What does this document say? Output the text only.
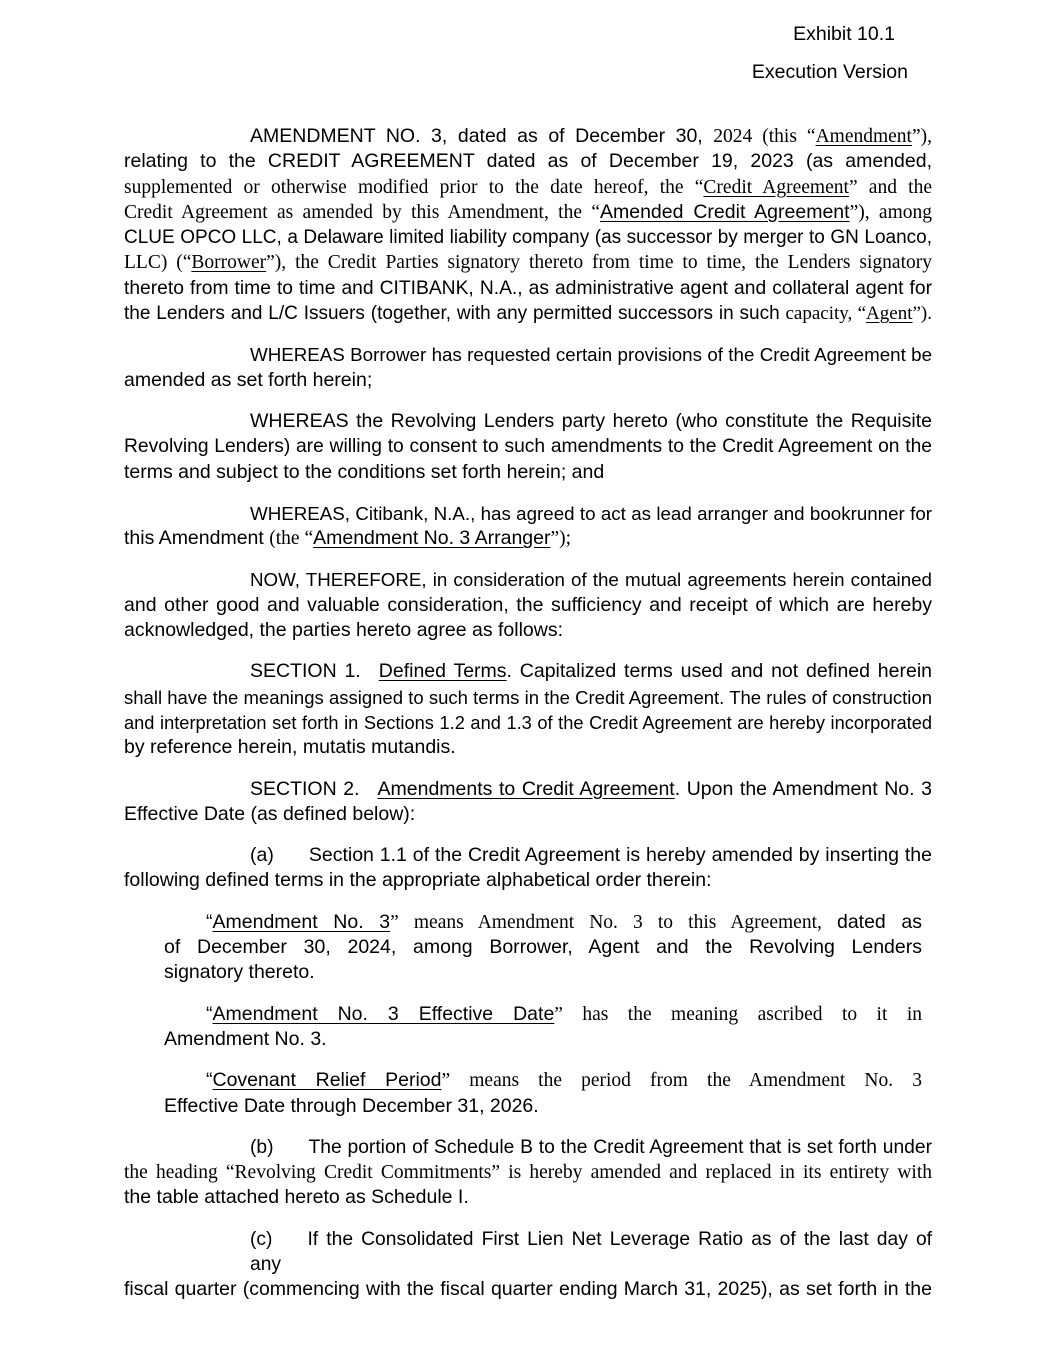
Exhibit 10.1
Execution Version
AMENDMENT NO. 3, dated as of December 30, 2024 (this “Amendment”),
relating to the CREDIT AGREEMENT dated as of December 19, 2023 (as amended,
supplemented or otherwise modified prior to the date hereof, the “Credit Agreement” and the
Credit Agreement as amended by this Amendment, the “Amended Credit Agreement”), among
CLUE OPCO LLC, a Delaware limited liability company (as successor by merger to GN Loanco,
LLC) (“Borrower”), the Credit Parties signatory thereto from time to time, the Lenders signatory
thereto from time to time and CITIBANK, N.A., as administrative agent and collateral agent for
the Lenders and L/C Issuers (together, with any permitted successors in such capacity, “Agent”).
WHEREAS Borrower has requested certain provisions of the Credit Agreement be
amended as set forth herein;
WHEREAS the Revolving Lenders party hereto (who constitute the Requisite
Revolving Lenders) are willing to consent to such amendments to the Credit Agreement on the
terms and subject to the conditions set forth herein; and
WHEREAS, Citibank, N.A., has agreed to act as lead arranger and bookrunner for
this Amendment (the “Amendment No. 3 Arranger”);
NOW, THEREFORE, in consideration of the mutual agreements herein contained
and other good and valuable consideration, the sufficiency and receipt of which are hereby
acknowledged, the parties hereto agree as follows:
SECTION 1. Defined Terms. Capitalized terms used and not defined herein
shall have the meanings assigned to such terms in the Credit Agreement. The rules of construction
and interpretation set forth in Sections 1.2 and 1.3 of the Credit Agreement are hereby incorporated
by reference herein, mutatis mutandis.
SECTION 2. Amendments to Credit Agreement. Upon the Amendment No. 3
Effective Date (as defined below):
(a) Section 1.1 of the Credit Agreement is hereby amended by inserting the
following defined terms in the appropriate alphabetical order therein:
“Amendment No. 3” means Amendment No. 3 to this Agreement, dated as
of December 30, 2024, among Borrower, Agent and the Revolving Lenders
signatory thereto.
“Amendment No. 3 Effective Date” has the meaning ascribed to it in
Amendment No. 3.
“Covenant Relief Period” means the period from the Amendment No. 3
Effective Date through December 31, 2026.
(b) The portion of Schedule B to the Credit Agreement that is set forth under
the heading “Revolving Credit Commitments” is hereby amended and replaced in its entirety with
the table attached hereto as Schedule I.
(c) If the Consolidated First Lien Net Leverage Ratio as of the last day of any
fiscal quarter (commencing with the fiscal quarter ending March 31, 2025), as set forth in the
